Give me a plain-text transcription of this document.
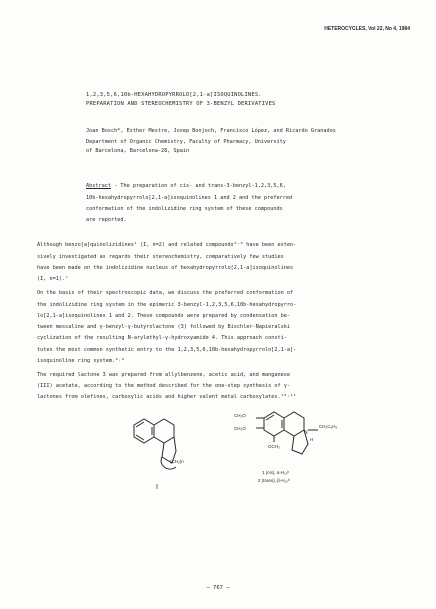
HETEROCYCLES, Vol 22, No 4, 1984
1,2,3,5,6,10b-HEXAHYDROPYRROLO[2,1-a]ISOQUINOLINES.
PREPARATION AND STEREOCHEMISTRY OF 3-BENZYL DERIVATIVES
Joan Bosch*, Esther Mestre, Josep Bonjoch, Francisco López, and Ricardo Granados
Department of Organic Chemistry, Faculty of Pharmacy, University
of Barcelona, Barcelona-28, Spain
Abstract - The preparation of cis- and trans-3-benzyl-1,2,3,5,6,
10b-hexahydropyrrolo[2,1-a]isoquinolines 1 and 2 and the preferred
conformation of the indolizidine ring system of these compounds
are reported.
Although benzo[a]quinolizidines¹ (I, n=2) and related compounds²⁻⁶ have been exten-
sively investigated as regards their stereochemistry, comparatively few studies
have been made on the indolizidine nucleus of hexahydropyrrolo[2,1-a]isoquinolines
(I, n=1).⁷
On the basis of their spectroscopic data, we discuss the preferred conformation of
the indolizidine ring system in the epimeric 3-benzyl-1,2,3,5,6,10b-hexahydropyrro-
lo[2,1-a]isoquinolines 1 and 2. These compounds were prepared by condensation be-
tween mescaline and γ-benzyl-γ-butyrolactone (3) followed by Bischler-Napieralski
cyclization of the resulting N-arylethyl-γ-hydroxyamide 4. This approach consti-
tutes the most common synthetic entry to the 1,2,3,5,6,10b-hexahydropyrrolo[2,1-a]-
isoquinoline ring system.⁸˒⁹
The required lactone 3 was prepared from allylbenzene, acetic acid, and manganese
(III) acetate, according to the method described for the one-step synthesis of γ-
lactones from olefines, carboxylic acids and higher valent metal carboxylates.¹⁰˒¹¹
(CH₂)n
I
CH₃O
CH₃O
OCH₃
N
H
CH₂C₆H₅
1 (cis), α-H₁₀ᵇ
2 (trans), β-H₁₀ᵇ
— 767 —
